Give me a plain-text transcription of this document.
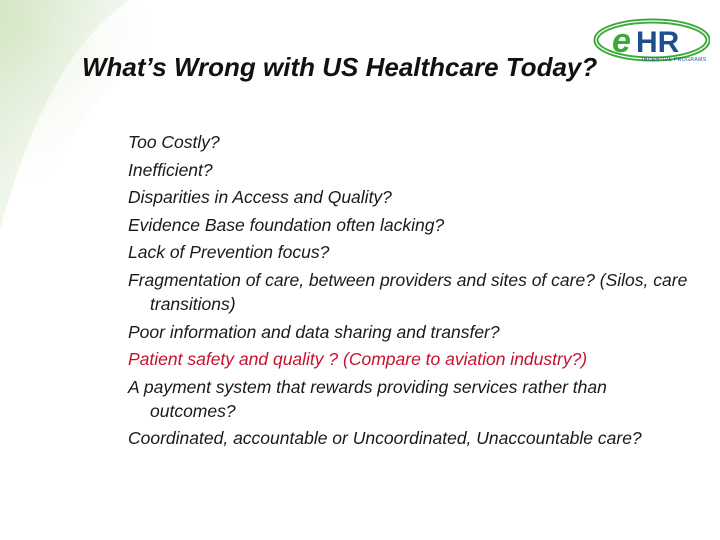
What’s Wrong with US Healthcare Today?
e HR
INCENTIVE PROGRAMS
Too Costly?
Inefficient?
Disparities in Access and Quality?
Evidence Base foundation often lacking?
Lack of Prevention focus?
Fragmentation of care, between providers and sites of care? (Silos, care transitions)
Poor information and data sharing and transfer?
Patient safety and quality ? (Compare to aviation industry?)
A payment system that rewards providing services rather than outcomes?
Coordinated, accountable or Uncoordinated, Unaccountable care?
